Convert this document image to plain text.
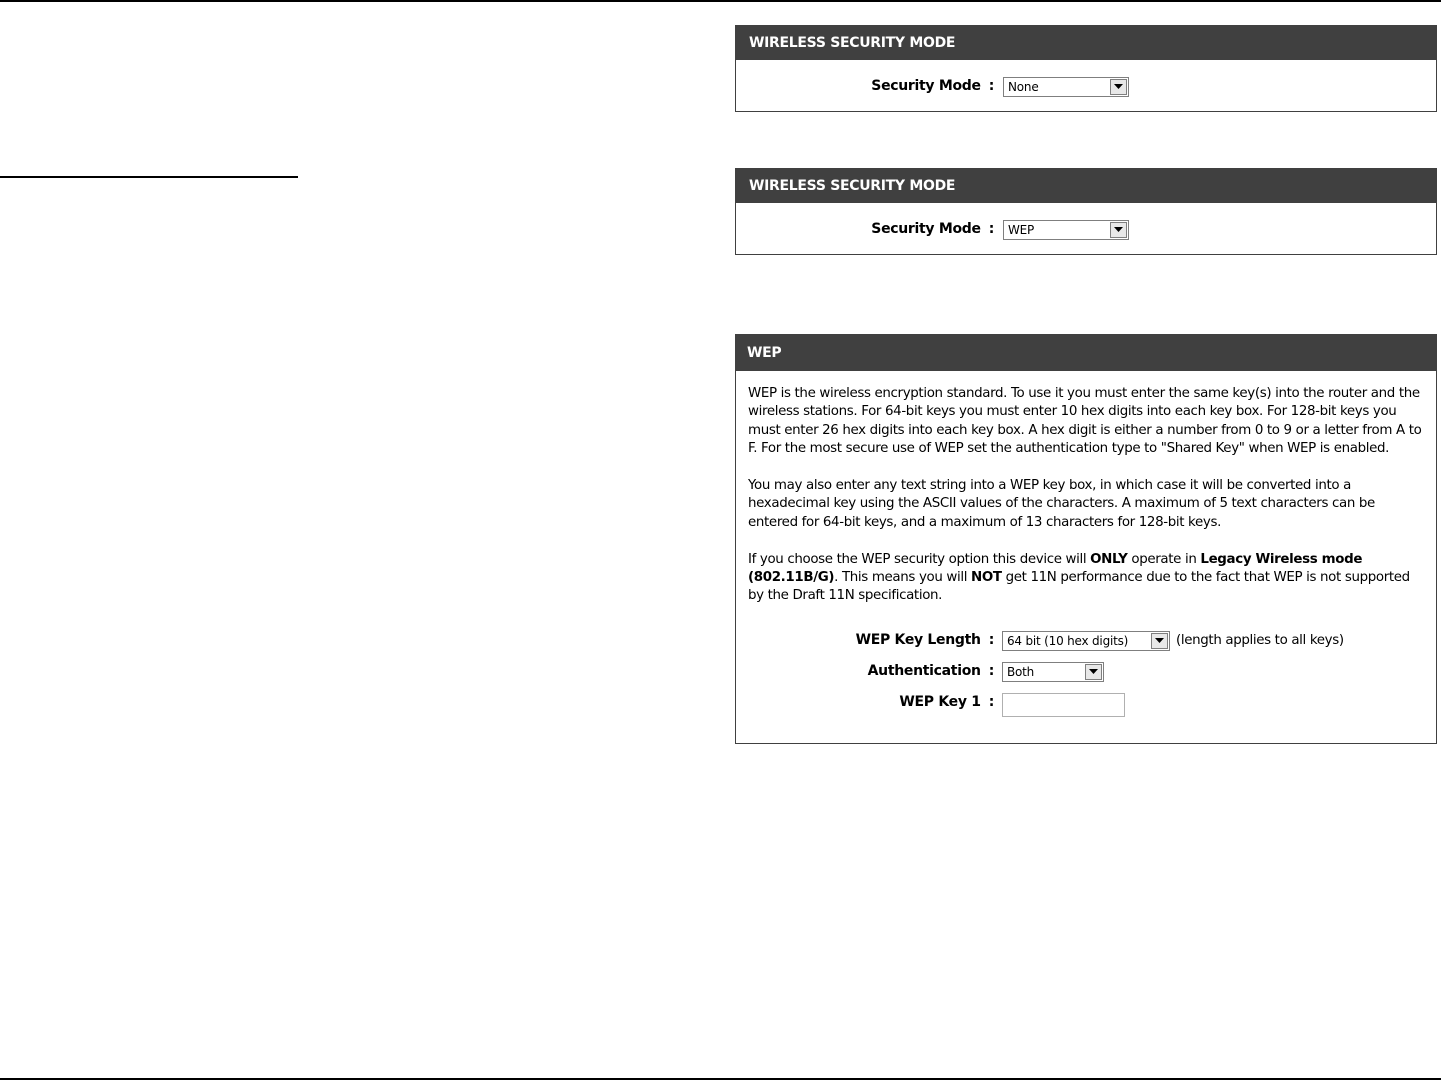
WIRELESS SECURITY MODE
Security Mode :	None
WIRELESS SECURITY MODE
Security Mode :	WEP
WEP

WEP is the wireless encryption standard. To use it you must enter the same key(s) into the router and the wireless stations. For 64-bit keys you must enter 10 hex digits into each key box. For 128-bit keys you must enter 26 hex digits into each key box. A hex digit is either a number from 0 to 9 or a letter from A to F. For the most secure use of WEP set the authentication type to "Shared Key" when WEP is enabled.

You may also enter any text string into a WEP key box, in which case it will be converted into a hexadecimal key using the ASCII values of the characters. A maximum of 5 text characters can be entered for 64-bit keys, and a maximum of 13 characters for 128-bit keys.

If you choose the WEP security option this device will ONLY operate in Legacy Wireless mode (802.11B/G). This means you will NOT get 11N performance due to the fact that WEP is not supported by the Draft 11N specification.

WEP Key Length :	64 bit (10 hex digits)	(length applies to all keys)
Authentication :	Both
WEP Key 1 :
